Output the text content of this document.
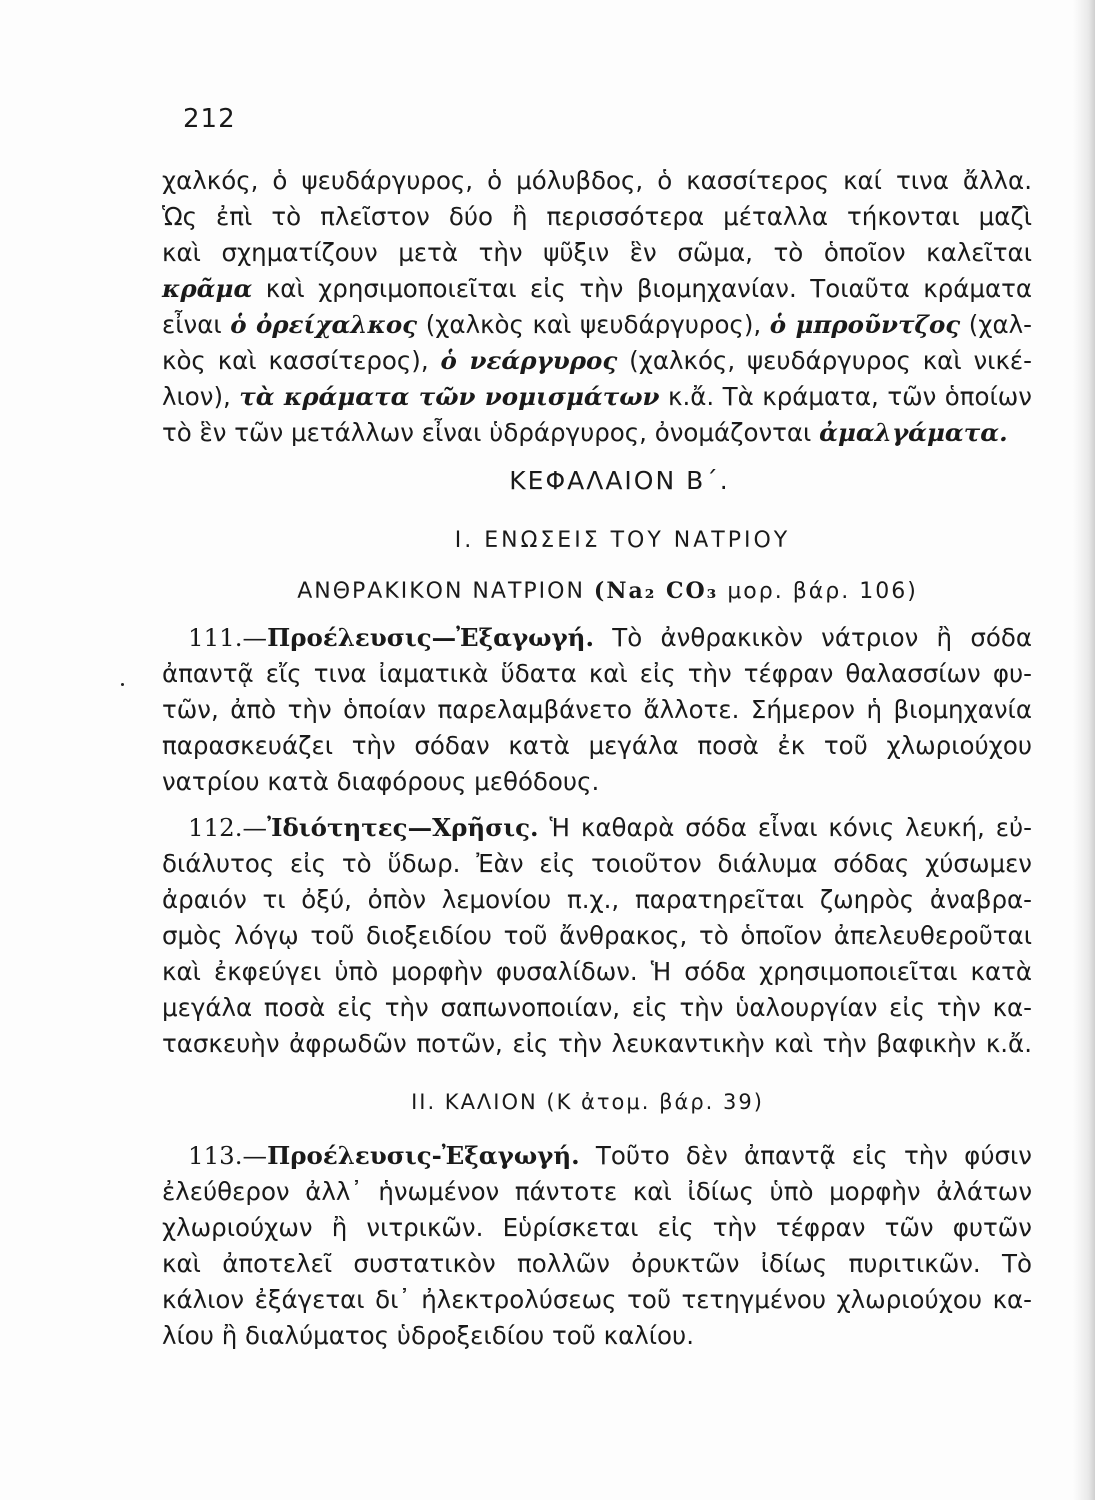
212
χαλκός, ὁ ψευδάργυρος, ὁ μόλυβδος, ὁ κασσίτερος καί τινα ἄλλα.
Ὡς ἐπὶ τὸ πλεῖστον δύο ἢ περισσότερα μέταλλα τήκονται μαζὶ
καὶ σχηματίζουν μετὰ τὴν ψῦξιν ἓν σῶμα, τὸ ὁποῖον καλεῖται
κρᾶμα καὶ χρησιμοποιεῖται εἰς τὴν βιομηχανίαν. Τοιαῦτα κράματα
εἶναι ὁ ὀρείχαλκος (χαλκὸς καὶ ψευδάργυρος), ὁ μπροῦντζος (χαλ-
κὸς καὶ κασσίτερος), ὁ νεάργυρος (χαλκός, ψευδάργυρος καὶ νικέ-
λιον), τὰ κράματα τῶν νομισμάτων κ.ἄ. Τὰ κράματα, τῶν ὁποίων
τὸ ἓν τῶν μετάλλων εἶναι ὑδράργυρος, ὀνομάζονται ἀμαλγάματα.
ΚΕΦΑΛΑΙΟΝ Β΄.
I. ΕΝΩΣΕΙΣ ΤΟΥ ΝΑΤΡΙΟΥ
ΑΝΘΡΑΚΙΚΟΝ ΝΑΤΡΙΟΝ (Na₂ CO₃ μορ. βάρ. 106)
111.—Προέλευσις—Ἐξαγωγή. Τὸ ἀνθρακικὸν νάτριον ἢ σόδα
ἀπαντᾷ εἴς τινα ἰαματικὰ ὕδατα καὶ εἰς τὴν τέφραν θαλασσίων φυ-
τῶν, ἀπὸ τὴν ὁποίαν παρελαμβάνετο ἄλλοτε. Σήμερον ἡ βιομηχανία
παρασκευάζει τὴν σόδαν κατὰ μεγάλα ποσὰ ἐκ τοῦ χλωριούχου
νατρίου κατὰ διαφόρους μεθόδους.
112.—Ἰδιότητες—Χρῆσις. Ἡ καθαρὰ σόδα εἶναι κόνις λευκή, εὐ-
διάλυτος εἰς τὸ ὕδωρ. Ἐὰν εἰς τοιοῦτον διάλυμα σόδας χύσωμεν
ἀραιόν τι ὀξύ, ὀπὸν λεμονίου π.χ., παρατηρεῖται ζωηρὸς ἀναβρα-
σμὸς λόγῳ τοῦ διοξειδίου τοῦ ἄνθρακος, τὸ ὁποῖον ἀπελευθεροῦται
καὶ ἐκφεύγει ὑπὸ μορφὴν φυσαλίδων. Ἡ σόδα χρησιμοποιεῖται κατὰ
μεγάλα ποσὰ εἰς τὴν σαπωνοποιίαν, εἰς τὴν ὑαλουργίαν εἰς τὴν κα-
τασκευὴν ἀφρωδῶν ποτῶν, εἰς τὴν λευκαντικὴν καὶ τὴν βαφικὴν κ.ἄ.
II. ΚΑΛΙΟΝ (Κ ἀτομ. βάρ. 39)
113.—Προέλευσις-Ἐξαγωγή. Τοῦτο δὲν ἀπαντᾷ εἰς τὴν φύσιν
ἐλεύθερον ἀλλ᾽ ἡνωμένον πάντοτε καὶ ἰδίως ὑπὸ μορφὴν ἀλάτων
χλωριούχων ἢ νιτρικῶν. Εὑρίσκεται εἰς τὴν τέφραν τῶν φυτῶν
καὶ ἀποτελεῖ συστατικὸν πολλῶν ὀρυκτῶν ἰδίως πυριτικῶν. Τὸ
κάλιον ἐξάγεται δι᾽ ἠλεκτρολύσεως τοῦ τετηγμένου χλωριούχου κα-
λίου ἢ διαλύματος ὑδροξειδίου τοῦ καλίου.
